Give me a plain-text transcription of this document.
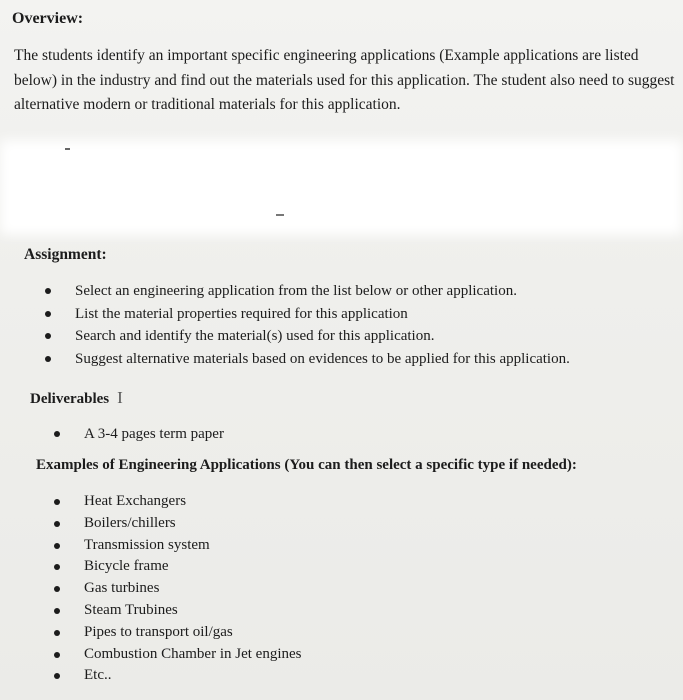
Overview:
The students identify an important specific engineering applications (Example applications are listed below) in the industry and find out the materials used for this application. The student also need to suggest alternative modern or traditional materials for this application.
Assignment:
Select an engineering application from the list below or other application.
List the material properties required for this application
Search and identify the material(s) used for this application.
Suggest alternative materials based on evidences to be applied for this application.
Deliverables I
A 3-4 pages term paper
Examples of Engineering Applications (You can then select a specific type if needed):
Heat Exchangers
Boilers/chillers
Transmission system
Bicycle frame
Gas turbines
Steam Trubines
Pipes to transport oil/gas
Combustion Chamber in Jet engines
Etc..
